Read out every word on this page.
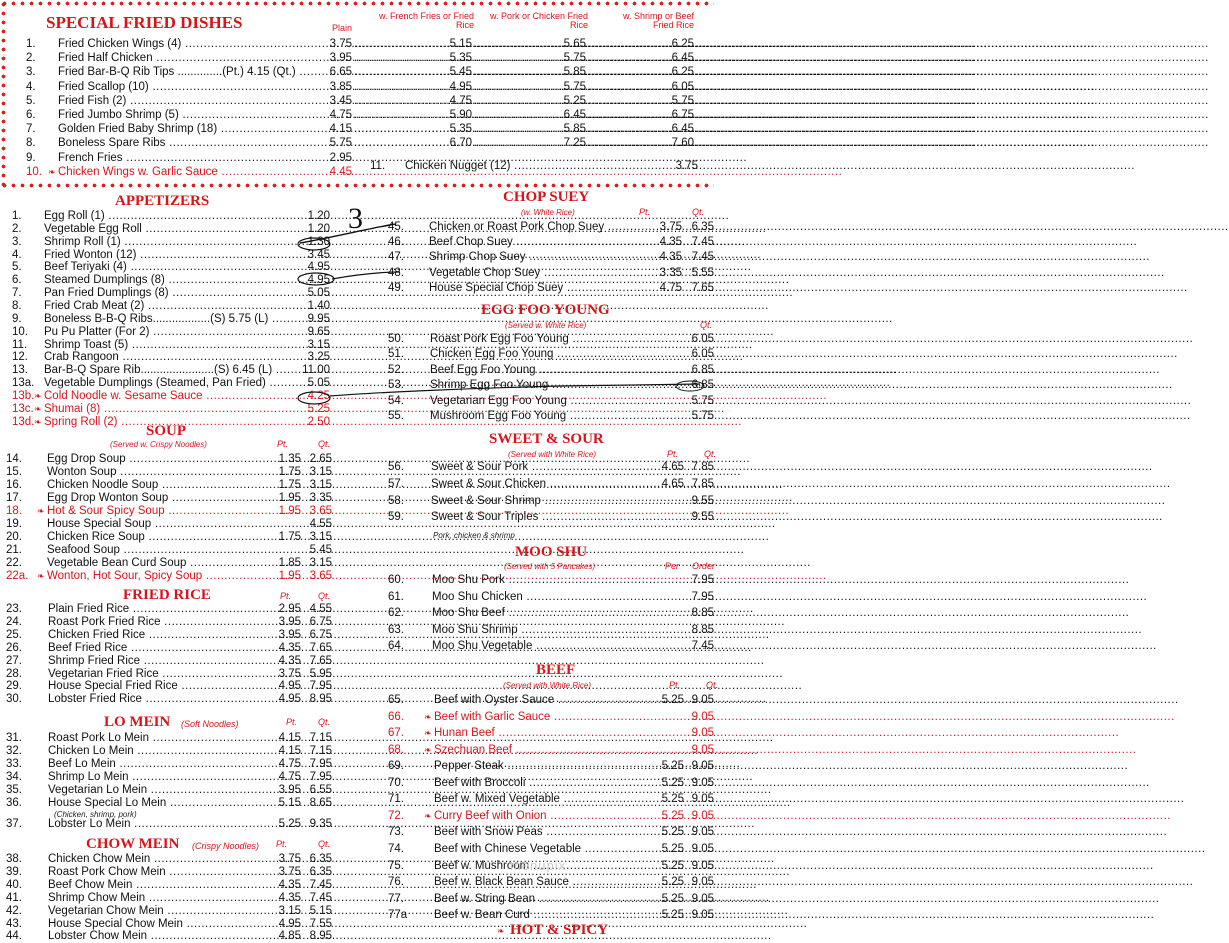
SPECIAL FRIED DISHES	Plain
w. French Fries or Fried Rice
w. Pork or Chicken Fried Rice
w. Shrimp or Beef Fried Rice
1. Fried Chicken Wings (4) .....	3.75 .....	5.15 .....	5.65 .....	6.25
2. Fried Half Chicken .....	3.95 .....	5.35 .....	5.75 .....	6.45
3. Fried Bar-B-Q Rib Tips ..............(Pt.) 4.15 (Qt.) .....	6.65 .....	5.45 .....	5.85 .....	6.25
4. Fried Scallop (10) .....	3.85 .....	4.95 .....	5.75 .....	6.05
5. Fried Fish (2) .....	3.45 .....	4.75 .....	5.25 .....	5.75
6. Fried Jumbo Shrimp (5) .....	4.75 .....	5.90 .....	6.45 .....	6.75
7. Golden Fried Baby Shrimp (18) .....	4.15 .....	5.35 .....	5.85 .....	6.45
8. Boneless Spare Ribs .....	5.75 .....	6.70 .....	7.25 .....	7.60
9. French Fries .....	2.95
10. ❧ Chicken Wings w. Garlic Sauce .....	4.45 11. Chicken Nugget (12) .....	3.75
APPETIZERS
1. Egg Roll (1) .....	1.20
2. Vegetable Egg Roll .....	1.20
3. Shrimp Roll (1) .....	1.30
4. Fried Wonton (12) .....	3.45
5. Beef Teriyaki (4) .....	4.95
6. Steamed Dumplings (8) .....	4.95
7. Pan Fried Dumplings (8) .....	5.05
8. Fried Crab Meat (2) .....	1.40
9. Boneless B-B-Q Ribs..................(S) 5.75 (L) .....	9.95
10. Pu Pu Platter (For 2) .....	9.65
11. Shrimp Toast (5) .....	3.15
12. Crab Rangoon .....	3.25
13. Bar-B-Q Spare Rib.......................(S) 6.45 (L) .....	11.00
13a. Vegetable Dumplings (Steamed, Pan Fried) .....	5.05
13b. ❧ Cold Noodle w. Sesame Sauce .....	4.25
13c. ❧ Shumai (8) .....	5.25
13d. ❧ Spring Roll (2) .....	2.50
SOUP
(Served w. Crispy Noodles)	Pt.	Qt.
14. Egg Drop Soup .....	1.35 2.65
15. Wonton Soup .....	1.75 3.15
16. Chicken Noodle Soup .....	1.75 3.15
17. Egg Drop Wonton Soup .....	1.95 3.35
18. ❧ Hot & Sour Spicy Soup .....	1.95 3.65
19. House Special Soup .....	4.55
20. Chicken Rice Soup .....	1.75 3.15
21. Seafood Soup .....	5.45
22. Vegetable Bean Curd Soup .....	1.85 3.15
22a. ❧ Wonton, Hot Sour, Spicy Soup .....	1.95 3.65
FRIED RICE	Pt.	Qt.
23. Plain Fried Rice .....	2.95 4.55
24. Roast Pork Fried Rice .....	3.95 6.75
25. Chicken Fried Rice .....	3.95 6.75
26. Beef Fried Rice .....	4.35 7.65
27. Shrimp Fried Rice .....	4.35 7.65
28. Vegetarian Fried Rice .....	3.75 5.95
29. House Special Fried Rice .....	4.95 7.95
30. Lobster Fried Rice .....	4.95 8.95
LO MEIN (Soft Noodles)	Pt. Qt.
31. Roast Pork Lo Mein .....	4.15 7.15
32. Chicken Lo Mein .....	4.15 7.15
33. Beef Lo Mein .....	4.75 7.95
34. Shrimp Lo Mein .....	4.75 7.95
35. Vegetarian Lo Mein .....	3.95 6.55
36. House Special Lo Mein .....	5.15 8.65
37. Lobster Lo Mein .....	5.25 9.35
CHOW MEIN (Crispy Noodles) Pt.	Qt.
38. Chicken Chow Mein .....	3.75 6.35
39. Roast Pork Chow Mein .....	3.75 6.35
40. Beef Chow Mein .....	4.35 7.45
41. Shrimp Chow Mein .....	4.35 7.45
42. Vegetarian Chow Mein .....	3.15 5.15
43. House Special Chow Mein .....	4.95 7.55
44. Lobster Chow Mein .....	4.85 8.95
CHOP SUEY
(w. White Rice)	Pt.	Qt.
45. Chicken or Roast Pork Chop Suey .....	3.75 6.35
46. Beef Chop Suey .....	4.35 7.45
47. Shrimp Chop Suey .....	4.35 7.45
48. Vegetable Chop Suey .....	3.35 5.55
49. House Special Chop Suey .....	4.75 7.65
EGG FOO YOUNG
(Served w. White Rice)	Qt.
50. Roast Pork Egg Foo Young .....	6.05
51. Chicken Egg Foo Young .....	6.05
52. Beef Egg Foo Young .....	6.85
53. Shrimp Egg Foo Young .....	6.85
54. Vegetarian Egg Foo Young .....	5.75
55. Mushroom Egg Foo Young .....	5.75
SWEET & SOUR
(Served with White Rice)	Pt.	Qt.
56. Sweet & Sour Pork .....	4.65 7.85
57. Sweet & Sour Chicken .....	4.65 7.85
58. Sweet & Sour Shrimp .....	9.55
59. Sweet & Sour Triples .....	9.55
MOO SHU
(Served with 5 Pancakes)	Per Order
60. Moo Shu Pork .....	7.95
61. Moo Shu Chicken .....	7.95
62. Moo Shu Beef .....	8.85
63. Moo Shu Shrimp .....	8.85
64. Moo Shu Vegetable .....	7.45
BEEF
(Served with White Rice)	Pt.	Qt.
65.	Beef with Oyster Sauce .....	5.25 9.05
66. ❧ Beef with Garlic Sauce .....	9.05
67. ❧ Hunan Beef .....	9.05
68. ❧ Szechuan Beef .....	9.05
69.	Pepper Steak .....	5.25 9.05
70.	Beef with Broccoli .....	5.25 9.05
71.	Beef w. Mixed Vegetable .....	5.25 9.05
72. ❧ Curry Beef with Onion .....	5.25 9.05
73.	Beef with Snow Peas .....	5.25 9.05
74.	Beef with Chinese Vegetable .....	5.25 9.05
75.	Beef w. Mushroom .....	5.25 9.05
76.	Beef w. Black Bean Sauce .....	5.25 9.05
77.	Beef w. String Bean .....	5.25 9.05
77a Beef w. Bean Curd .....	5.25 9.05
HOT & SPICY
❧
(Chicken, shrimp, pork)
Pork, chicken & shrimp
menupix
3
